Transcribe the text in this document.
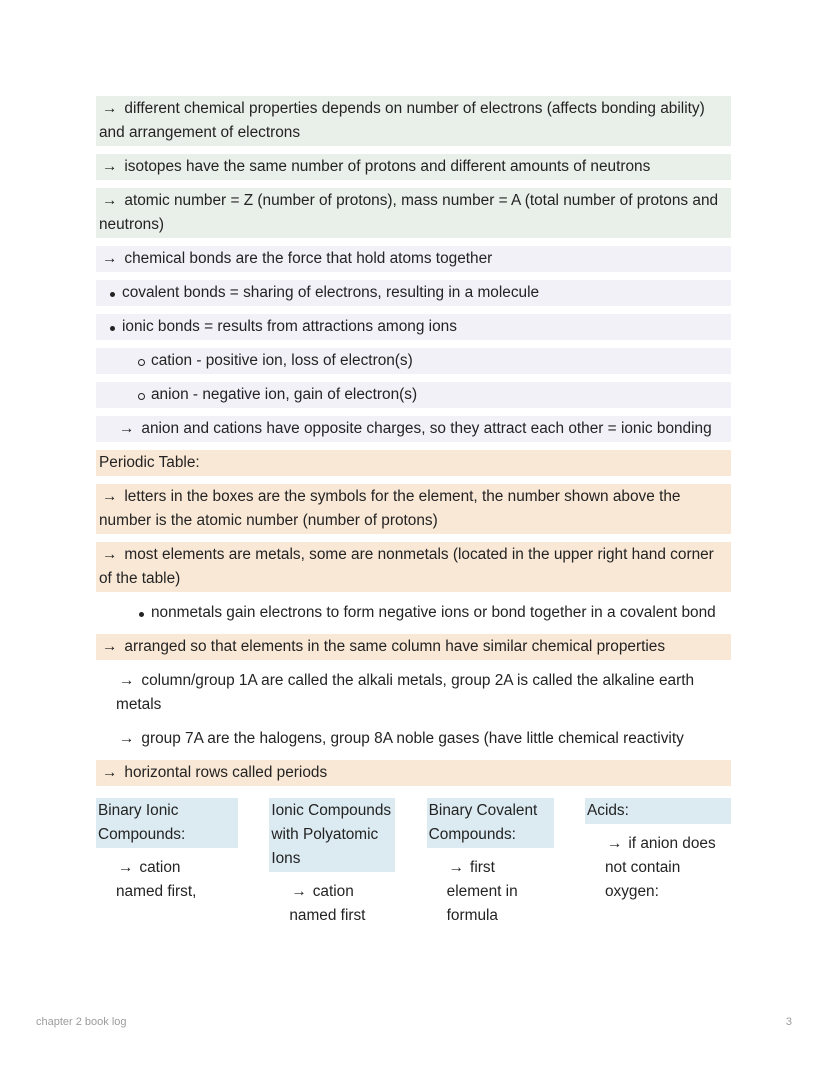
→ different chemical properties depends on number of electrons (affects bonding ability) and arrangement of electrons
→ isotopes have the same number of protons and different amounts of neutrons
→ atomic number = Z (number of protons), mass number = A (total number of protons and neutrons)
→ chemical bonds are the force that hold atoms together
covalent bonds = sharing of electrons, resulting in a molecule
ionic bonds = results from attractions among ions
cation - positive ion, loss of electron(s)
anion - negative ion, gain of electron(s)
→ anion and cations have opposite charges, so they attract each other = ionic bonding
Periodic Table:
→ letters in the boxes are the symbols for the element, the number shown above the number is the atomic number (number of protons)
→ most elements are metals, some are nonmetals (located in the upper right hand corner of the table)
nonmetals gain electrons to form negative ions or bond together in a covalent bond
→ arranged so that elements in the same column have similar chemical properties
→ column/group 1A are called the alkali metals, group 2A is called the alkaline earth metals
→ group 7A are the halogens, group 8A noble gases (have little chemical reactivity
→ horizontal rows called periods
Binary Ionic Compounds:
→ cation named first,
Ionic Compounds with Polyatomic Ions
→ cation named first
Binary Covalent Compounds:
→ first element in formula
Acids:
→ if anion does not contain oxygen:
chapter 2 book log	3
